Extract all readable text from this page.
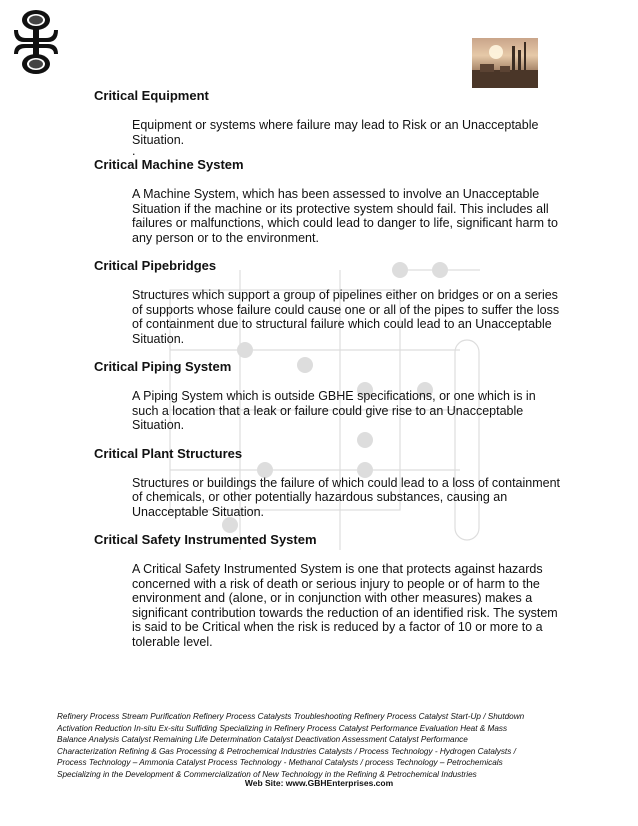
Critical Equipment

Equipment or systems where failure may lead to Risk or an Unacceptable Situation.

.

Critical Machine System

A Machine System, which has been assessed to involve an Unacceptable Situation if the machine or its protective system should fail. This includes all failures or malfunctions, which could lead to danger to life, significant harm to any person or to the environment.

Critical Pipebridges

Structures which support a group of pipelines either on bridges or on a series of supports whose failure could cause one or all of the pipes to suffer the loss of containment due to structural failure which could lead to an Unacceptable Situation.

Critical Piping System

A Piping System which is outside GBHE specifications, or one which is in such a location that a leak or failure could give rise to an Unacceptable Situation.

Critical Plant Structures

Structures or buildings the failure of which could lead to a loss of containment of chemicals, or other potentially hazardous substances, causing an Unacceptable Situation.

Critical Safety Instrumented System

A Critical Safety Instrumented System is one that protects against hazards concerned with a risk of death or serious injury to people or of harm to the environment and (alone, or in conjunction with other measures) makes a significant contribution towards the reduction of an identified risk. The system is said to be Critical when the risk is reduced by a factor of 10 or more to a tolerable level.

Refinery Process Stream Purification Refinery Process Catalysts Troubleshooting Refinery Process Catalyst Start-Up / Shutdown
Activation Reduction In-situ Ex-situ Sulfiding Specializing in Refinery Process Catalyst Performance Evaluation Heat & Mass
Balance Analysis Catalyst Remaining Life Determination Catalyst Deactivation Assessment Catalyst Performance
Characterization Refining & Gas Processing & Petrochemical Industries Catalysts / Process Technology - Hydrogen Catalysts /
Process Technology – Ammonia Catalyst Process Technology - Methanol Catalysts / process Technology – Petrochemicals
Specializing in the Development & Commercialization of New Technology in the Refining & Petrochemical Industries
Web Site: www.GBHEnterprises.com
